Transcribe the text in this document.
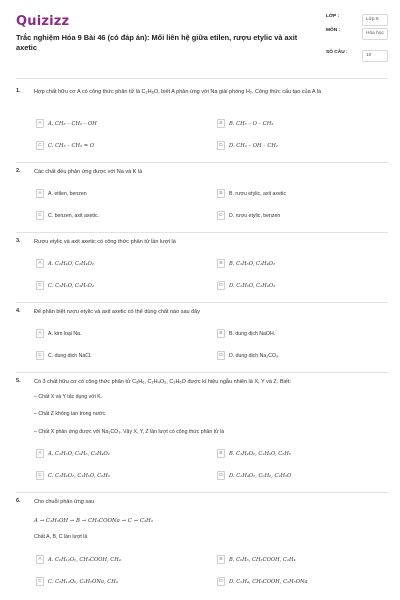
Quizizz
Trắc nghiệm Hóa 9 Bài 46 (có đáp án): Mối liên hệ giữa etilen, rượu etylic và axit axetic
LỚP :
Lớp 9
MÔN :
Hóa học
SỐ CÂU :
10
1. Hợp chất hữu cơ A có công thức phân tử là C₂H₆O, biết A phản ứng với Na giải phóng H₂. Công thức cấu tạo của A là
A	A. CH₃ – CH₂ – OH	B	B. CH₃ – O – CH₃
C	C. CH₃ – CH₃ = O	D	D. CH₂ – OH – CH₂
2. Các chất đều phản ứng được với Na và K là
A	A. etilen, benzen	B	B. rượu etylic, axit axetic
C	C. benzen, axit axetic.	D	D. rượu etylic, benzen
3. Rượu etylic và axit axetic có công thức phân tử lần lượt là
A	A. C₂H₄O, C₂H₄O₂	B	B. C₂H₆O, C₂H₄O₂
C	C. C₂H₆O, C₃H₆O₂	D	D. C₂H₆O, C₂H₄O₂
4. Để phân biệt rượu etylic và axit axetic có thể dùng chất nào sau đây
A	A. kim loại Na.	B	B. dung dịch NaOH.
C	C. dung dịch NaCl.	D	D. dung dịch Na₂CO₃.
5. Có 3 chất hữu cơ có công thức phân tử C₆H₆, C₂H₄O₂, C₂H₆O được kí hiệu ngẫu nhiên là X, Y và Z. Biết:
– Chất X và Y tác dụng với K.
– Chất Z không tan trong nước.
– Chất X phản ứng được với Na₂CO₃. Vậy X, Y, Z lần lượt có công thức phân tử là
A	A. C₂H₆O, C₆H₆, C₂H₄O₂	B	B. C₂H₄O₂, C₂H₆O, C₆H₆
C	C. C₂H₄O₂, C₂H₆O, C₆H₆	D	D. C₂H₄O₂, C₆H₆, C₂H₆O
6. Cho chuỗi phản ứng sau
A → C₂H₅OH → B → CH₃COONa → C → C₂H₂
Chất A, B, C lần lượt là
A	A. C₆H₁₂O₆, CH₃COOH, CH₄	B	B. C₆H₆, CH₃COOH, C₂H₄
C	C. C₆H₁₂O₆, C₂H₅ONa, CH₄	D	D. C₂H₄, CH₃COOH, C₂H₅ONa
